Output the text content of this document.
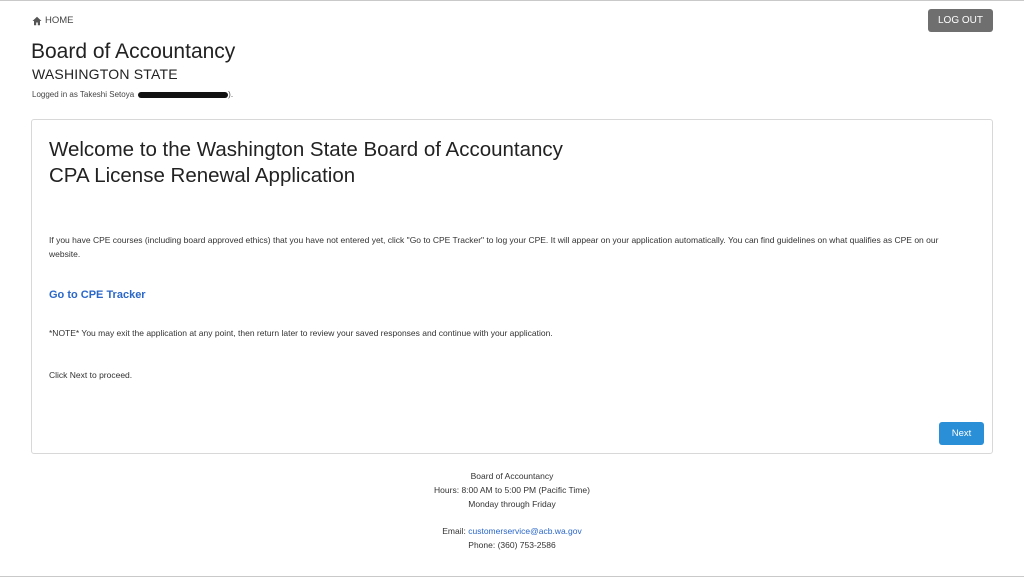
HOME	LOG OUT
Board of Accountancy
WASHINGTON STATE
Logged in as Takeshi Setoya	).
Welcome to the Washington State Board of Accountancy
CPA License Renewal Application

If you have CPE courses (including board approved ethics) that you have not entered yet, click "Go to CPE Tracker" to log your CPE. It will appear on your application automatically. You can find guidelines on what qualifies as CPE on our website.

Go to CPE Tracker

*NOTE* You may exit the application at any point, then return later to review your saved responses and continue with your application.

Click Next to proceed.

Next
Board of Accountancy
Hours: 8:00 AM to 5:00 PM (Pacific Time)
Monday through Friday
Email: customerservice@acb.wa.gov
Phone: (360) 753-2586
